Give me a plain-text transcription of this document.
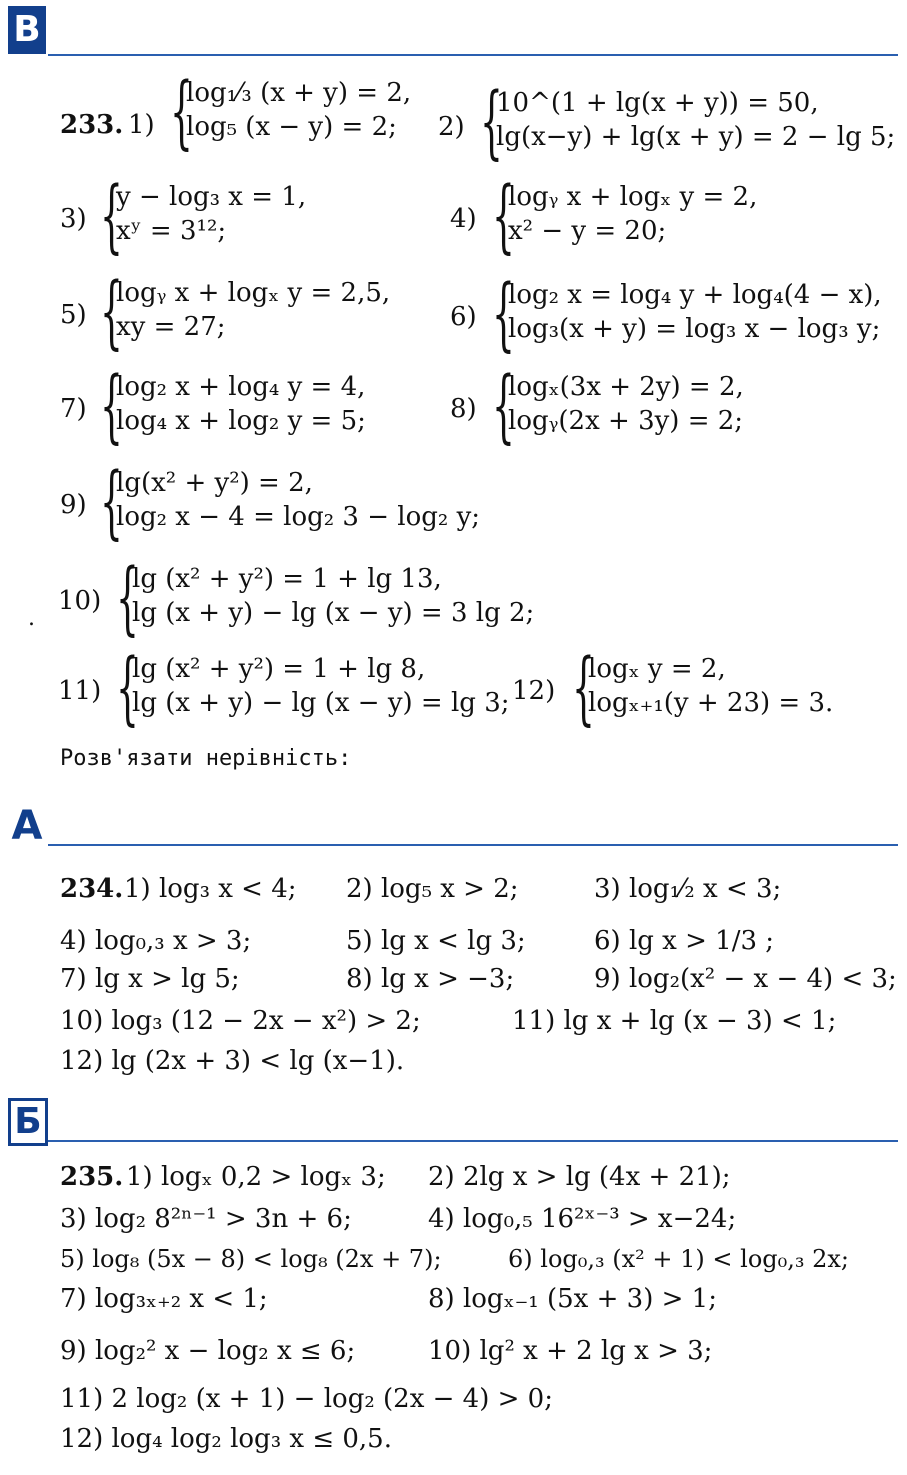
В
233. 1) {
log₁⁄₃ (x + y) = 2,
log₅ (x − y) = 2;	2) {
10^(1 + lg(x + y)) = 50,
lg(x−y) + lg(x + y) = 2 − lg 5;
3) {
y − log₃ x = 1,
xʸ = 3¹²;	4) {
logᵧ x + logₓ y = 2,
x² − y = 20;
5) {
logᵧ x + logₓ y = 2,5,
xy = 27;	6) {
log₂ x = log₄ y + log₄(4 − x),
log₃(x + y) = log₃ x − log₃ y;
7) {
log₂ x + log₄ y = 4,
log₄ x + log₂ y = 5;	8) {
logₓ(3x + 2y) = 2,
logᵧ(2x + 3y) = 2;
9) {
lg(x² + y²) = 2,
log₂ x − 4 = log₂ 3 − log₂ y;
.
10) {
lg (x² + y²) = 1 + lg 13,
lg (x + y) − lg (x − y) = 3 lg 2;
11) {
lg (x² + y²) = 1 + lg 8,
lg (x + y) − lg (x − y) = lg 3; 12) {
logₓ y = 2,
logₓ₊₁(y + 23) = 3.
Розв'язати нерівність:
А
234. 1) log₃ x < 4; 2) log₅ x > 2;	3) log₁⁄₂ x < 3;
4) log₀,₃ x > 3;	5) lg x < lg 3;	6) lg x > 1/3 ;
7) lg x > lg 5;	8) lg x > −3;	9) log₂(x² − x − 4) < 3;
10) log₃ (12 − 2x − x²) > 2;	11) lg x + lg (x − 3) < 1;
12) lg (2x + 3) < lg (x−1).
Б
235. 1) logₓ 0,2 > logₓ 3; 2) 2lg x > lg (4x + 21);
3) log₂ 8²ⁿ⁻¹ > 3n + 6;	4) log₀,₅ 16²ˣ⁻³ > x−24;
5) log₈ (5x − 8) < log₈ (2x + 7);	6) log₀,₃ (x² + 1) < log₀,₃ 2x;
7) log₃ₓ₊₂ x < 1;	8) logₓ₋₁ (5x + 3) > 1;
9) log₂² x − log₂ x ≤ 6;	10) lg² x + 2 lg x > 3;
11) 2 log₂ (x + 1) − log₂ (2x − 4) > 0;
12) log₄ log₂ log₃ x ≤ 0,5.
